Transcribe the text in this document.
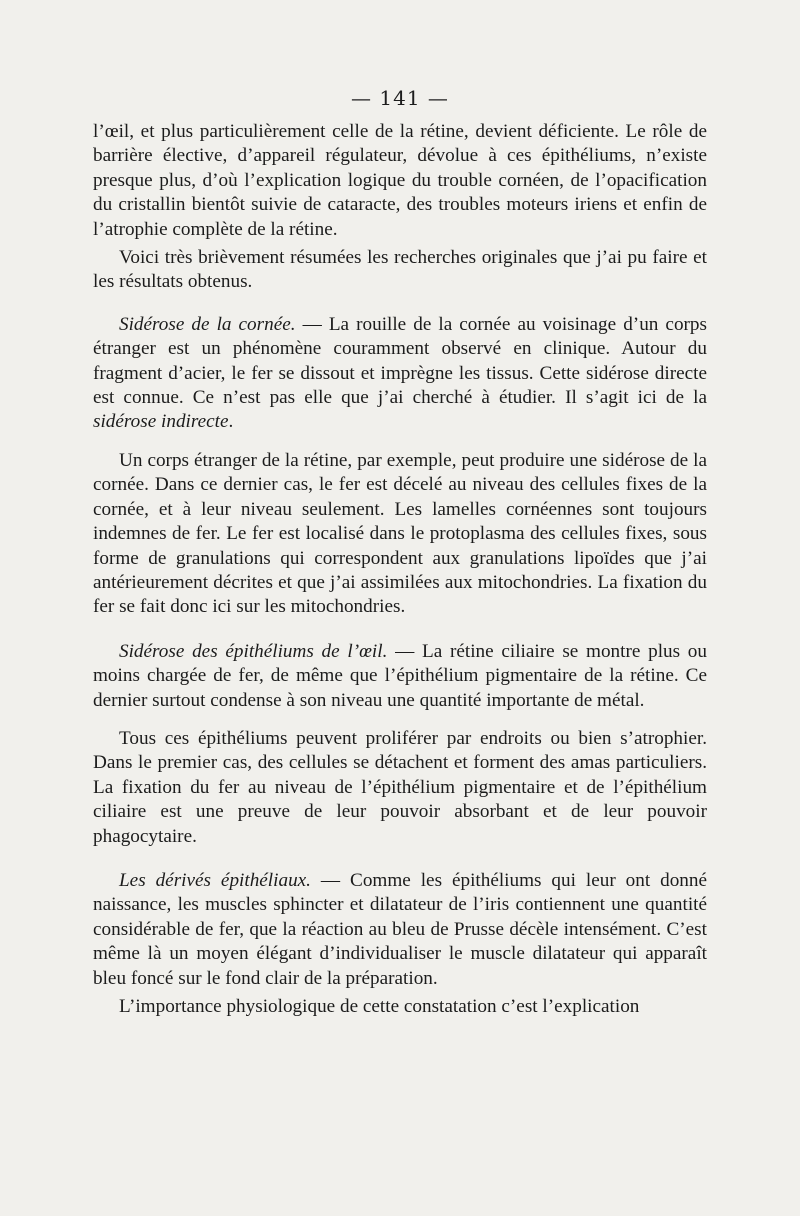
— 141 —

l’œil, et plus particulièrement celle de la rétine, devient déficiente. Le rôle de barrière élective, d’appareil régulateur, dévolue à ces épithéliums, n’existe presque plus, d’où l’explication logique du trouble cornéen, de l’opacification du cristallin bientôt suivie de cataracte, des troubles moteurs iriens et enfin de l’atrophie complète de la rétine.

Voici très brièvement résumées les recherches originales que j’ai pu faire et les résultats obtenus.

Sidérose de la cornée. — La rouille de la cornée au voisinage d’un corps étranger est un phénomène couramment observé en clinique. Autour du fragment d’acier, le fer se dissout et imprègne les tissus. Cette sidérose directe est connue. Ce n’est pas elle que j’ai cherché à étudier. Il s’agit ici de la sidérose indirecte.

Un corps étranger de la rétine, par exemple, peut produire une sidérose de la cornée. Dans ce dernier cas, le fer est décelé au niveau des cellules fixes de la cornée, et à leur niveau seulement. Les lamelles cornéennes sont toujours indemnes de fer. Le fer est localisé dans le protoplasma des cellules fixes, sous forme de granulations qui correspondent aux granulations lipoïdes que j’ai antérieurement décrites et que j’ai assimilées aux mitochondries. La fixation du fer se fait donc ici sur les mitochondries.

Sidérose des épithéliums de l’œil. — La rétine ciliaire se montre plus ou moins chargée de fer, de même que l’épithélium pigmentaire de la rétine. Ce dernier surtout condense à son niveau une quantité importante de métal.

Tous ces épithéliums peuvent proliférer par endroits ou bien s’atrophier. Dans le premier cas, des cellules se détachent et forment des amas particuliers. La fixation du fer au niveau de l’épithélium pigmentaire et de l’épithélium ciliaire est une preuve de leur pouvoir absorbant et de leur pouvoir phagocytaire.

Les dérivés épithéliaux. — Comme les épithéliums qui leur ont donné naissance, les muscles sphincter et dilatateur de l’iris contiennent une quantité considérable de fer, que la réaction au bleu de Prusse décèle intensément. C’est même là un moyen élégant d’individualiser le muscle dilatateur qui apparaît bleu foncé sur le fond clair de la préparation.

L’importance physiologique de cette constatation c’est l’explication
